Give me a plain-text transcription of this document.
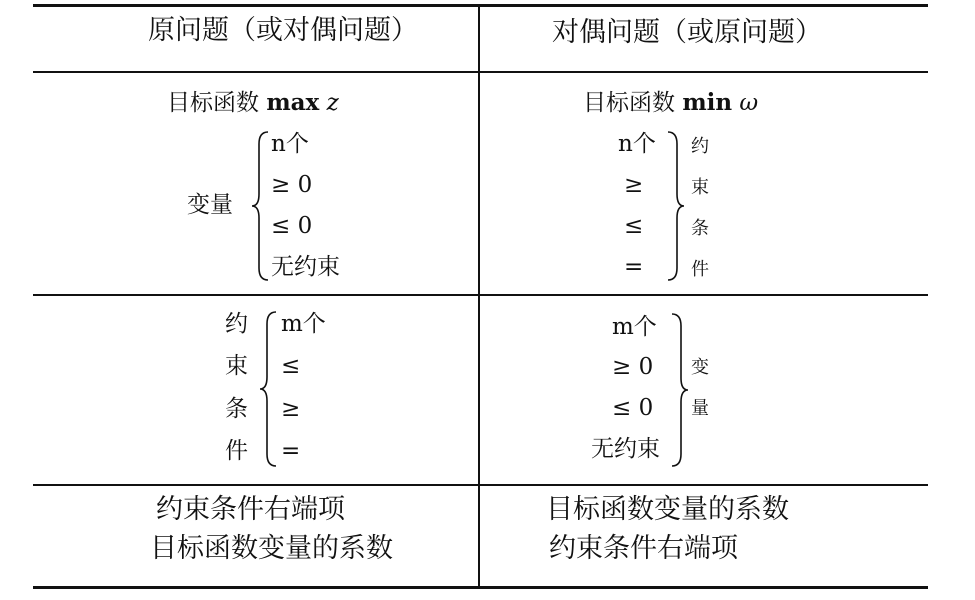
原问题（或对偶问题）	对偶问题（或原问题）
目标函数 max z
变量
n个
≥ 0
≤ 0
无约束
目标函数 min ω
n个
≥
≤
=
约
束
条
件
约
束
条
件
m个
≤
≥
=
m个
≥ 0
≤ 0
无约束
变
量
约束条件右端项
目标函数变量的系数
目标函数变量的系数
约束条件右端项
